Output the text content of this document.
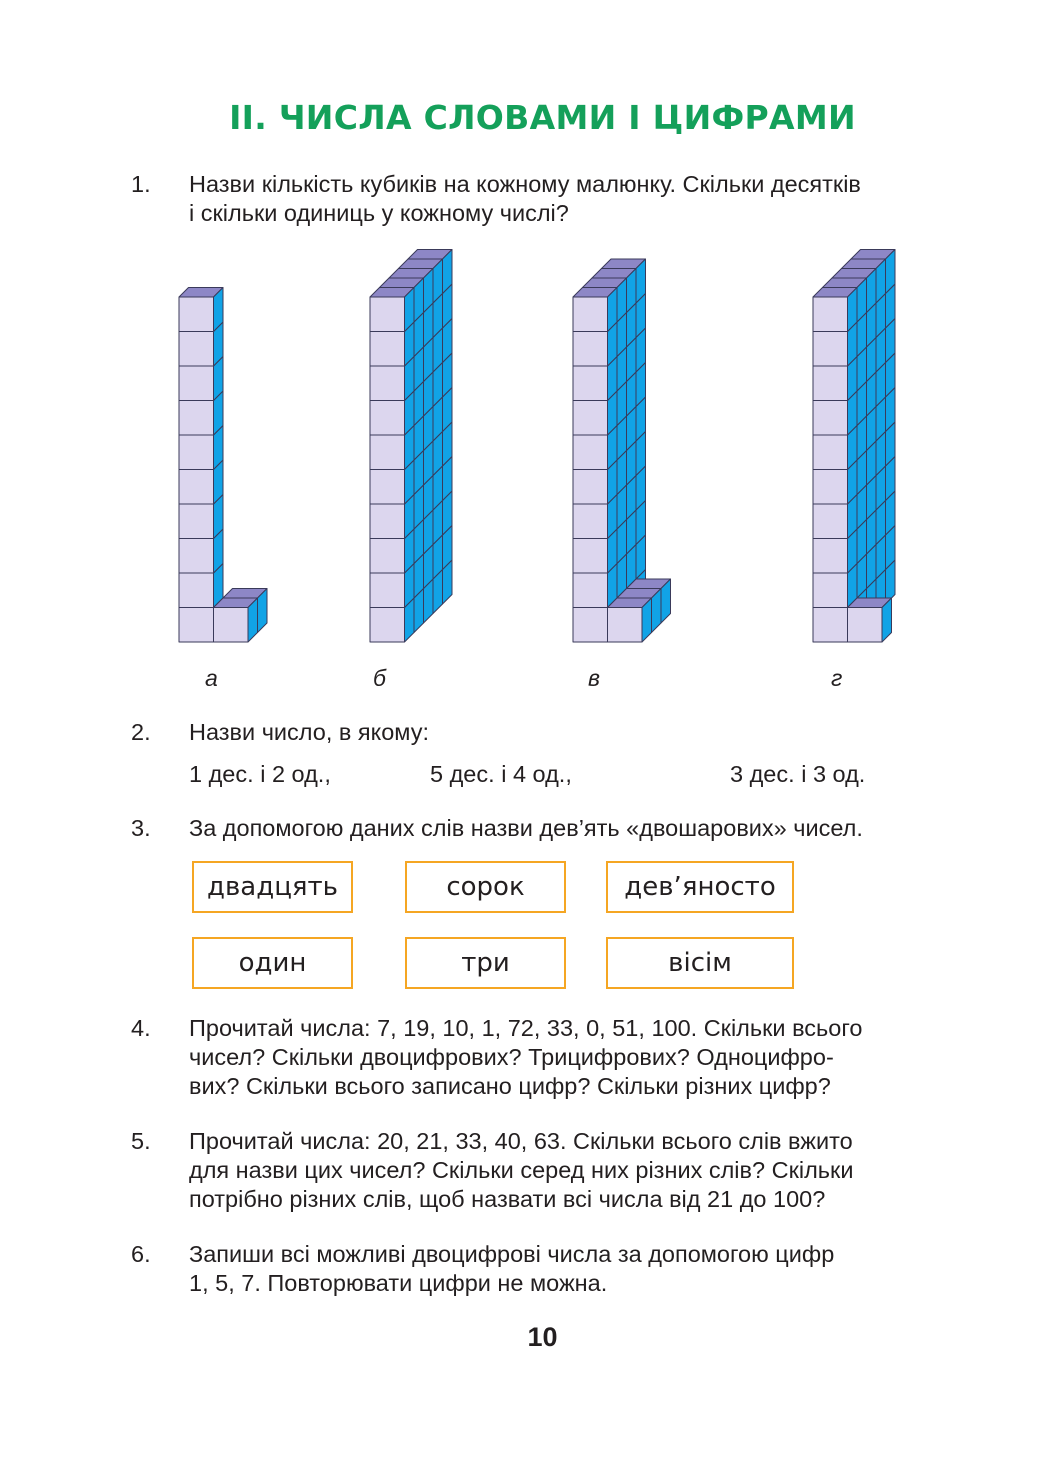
ІІ. ЧИСЛА СЛОВАМИ І ЦИФРАМИ
1. Назви кількість кубиків на кожному малюнку. Скільки десятків
і скільки одиниць у кожному числі?
а	б	в	г
2. Назви число, в якому:
1 дес. і 2 од.,	5 дес. і 4 од.,	3 дес. і 3 од.
3. За допомогою даних слів назви дев’ять «двошарових» чисел.
двадцять	сорок	дев’яносто
один	три	вісім
4. Прочитай числа: 7, 19, 10, 1, 72, 33, 0, 51, 100. Скільки всього
чисел? Скільки двоцифрових? Трицифрових? Одноцифро-
вих? Скільки всього записано цифр? Скільки різних цифр?
5. Прочитай числа: 20, 21, 33, 40, 63. Скільки всього слів вжито
для назви цих чисел? Скільки серед них різних слів? Скільки
потрібно різних слів, щоб назвати всі числа від 21 до 100?
6. Запиши всі можливі двоцифрові числа за допомогою цифр
1, 5, 7. Повторювати цифри не можна.
10
